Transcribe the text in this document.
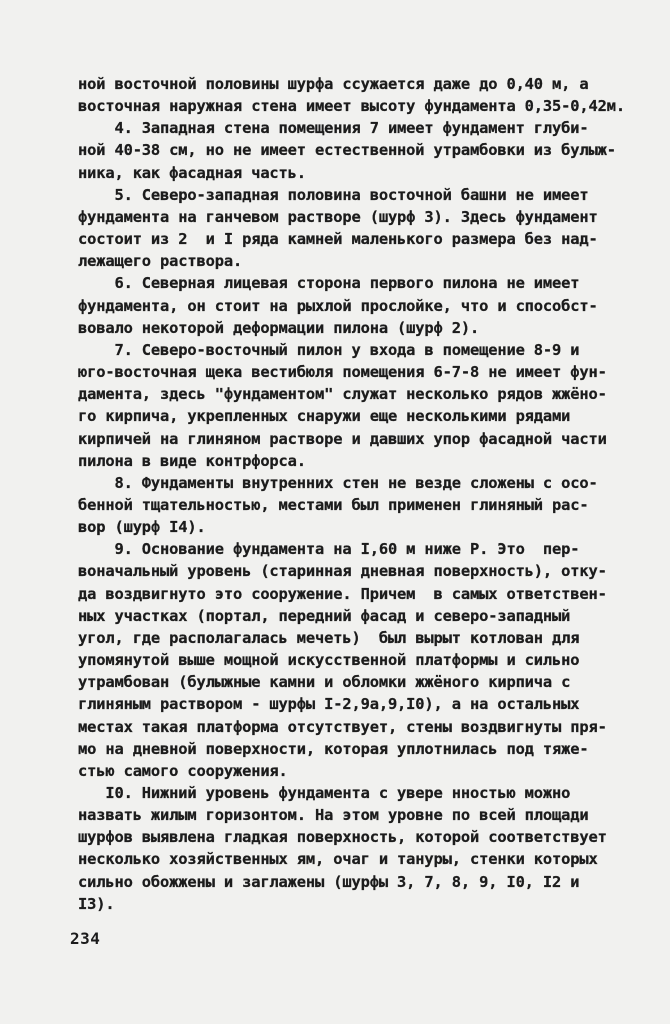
ной восточной половины шурфа ссужается даже до 0,40 м, а
восточная наружная стена имеет высоту фундамента 0,35-0,42м.
4. Западная стена помещения 7 имеет фундамент глуби-
ной 40-38 см, но не имеет естественной утрамбовки из булыж-
ника, как фасадная часть.
5. Северо-западная половина восточной башни не имеет
фундамента на ганчевом растворе (шурф 3). Здесь фундамент
состоит из 2  и I ряда камней маленького размера без над-
лежащего раствора.
6. Северная лицевая сторона первого пилона не имеет
фундамента, он стоит на рыхлой прослойке, что и способст-
вовало некоторой деформации пилона (шурф 2).
7. Северо-восточный пилон у входа в помещение 8-9 и
юго-восточная щека вестибюля помещения 6-7-8 не имеет фун-
дамента, здесь "фундаментом" служат несколько рядов жжёно-
го кирпича, укрепленных снаружи еще несколькими рядами
кирпичей на глиняном растворе и давших упор фасадной части
пилона в виде контрфорса.
8. Фундаменты внутренних стен не везде сложены с осо-
бенной тщательностью, местами был применен глиняный рас-
вор (шурф I4).
9. Основание фундамента на I,60 м ниже Р. Это  пер-
воначальный уровень (старинная дневная поверхность), отку-
да воздвигнуто это сооружение. Причем  в самых ответствен-
ных участках (портал, передний фасад и северо-западный
угол, где располагалась мечеть)  был вырыт котлован для
упомянутой выше мощной искусственной платформы и сильно
утрамбован (булыжные камни и обломки жжёного кирпича с
глиняным раствором - шурфы I-2,9а,9,I0), а на остальных
местах такая платформа отсутствует, стены воздвигнуты пря-
мо на дневной поверхности, которая уплотнилась под тяже-
стью самого сооружения.
I0. Нижний уровень фундамента с увере нностью можно
назвать жилым горизонтом. На этом уровне по всей площади
шурфов выявлена гладкая поверхность, которой соответствует
несколько хозяйственных ям, очаг и тануры, стенки которых
сильно обожжены и заглажены (шурфы 3, 7, 8, 9, I0, I2 и
I3).
234
